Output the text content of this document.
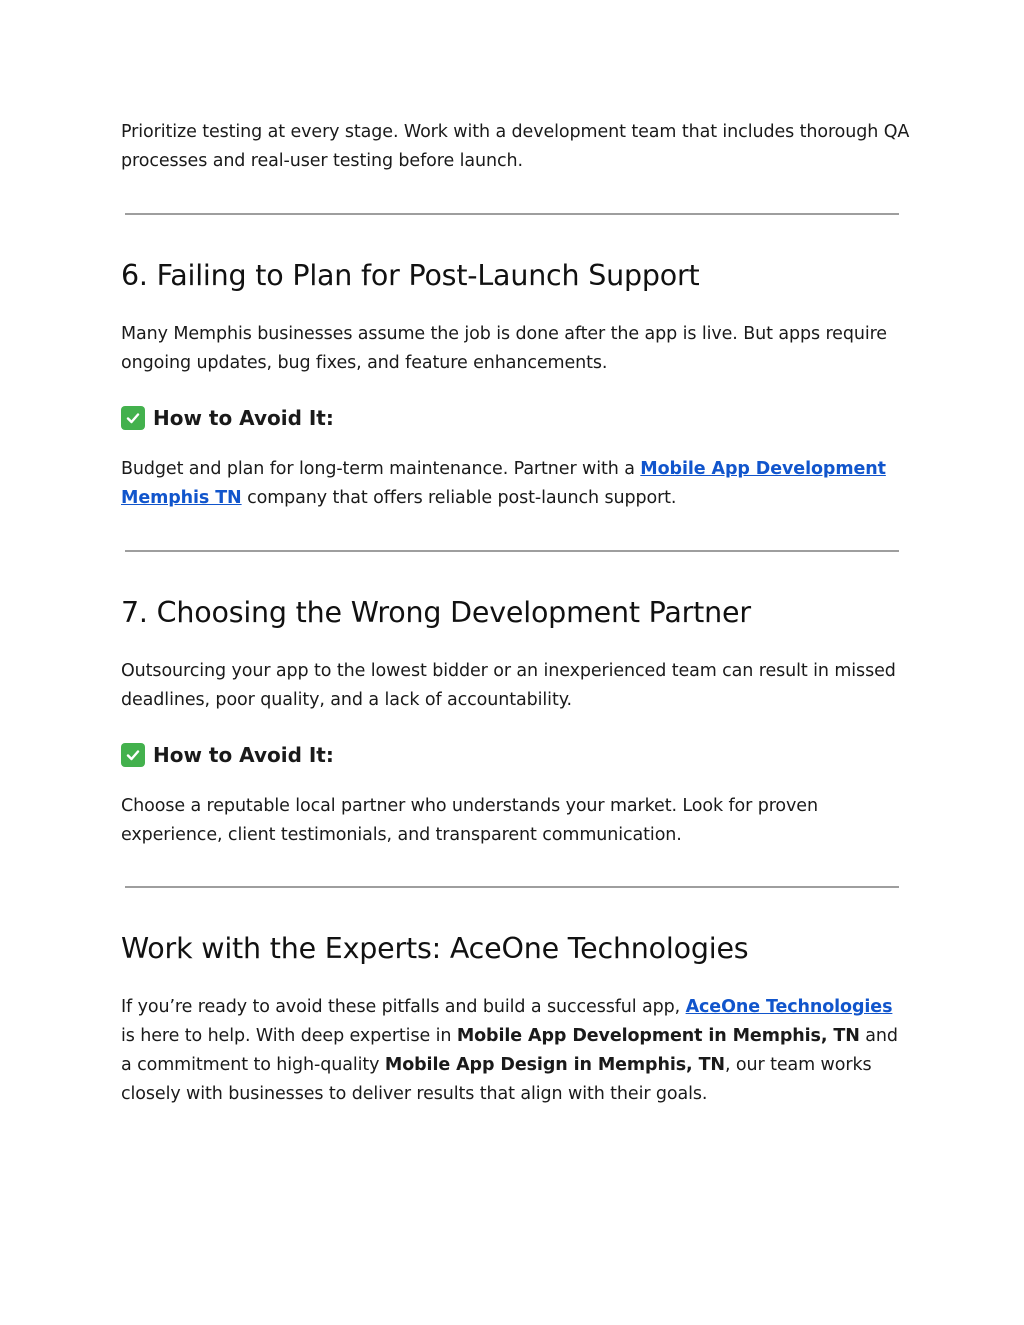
Prioritize testing at every stage. Work with a development team that includes thorough QA processes and real-user testing before launch.

6. Failing to Plan for Post-Launch Support

Many Memphis businesses assume the job is done after the app is live. But apps require ongoing updates, bug fixes, and feature enhancements.

How to Avoid It:

Budget and plan for long-term maintenance. Partner with a Mobile App Development Memphis TN company that offers reliable post-launch support.

7. Choosing the Wrong Development Partner

Outsourcing your app to the lowest bidder or an inexperienced team can result in missed deadlines, poor quality, and a lack of accountability.

How to Avoid It:

Choose a reputable local partner who understands your market. Look for proven experience, client testimonials, and transparent communication.

Work with the Experts: AceOne Technologies

If you’re ready to avoid these pitfalls and build a successful app, AceOne Technologies is here to help. With deep expertise in Mobile App Development in Memphis, TN and a commitment to high-quality Mobile App Design in Memphis, TN, our team works closely with businesses to deliver results that align with their goals.
